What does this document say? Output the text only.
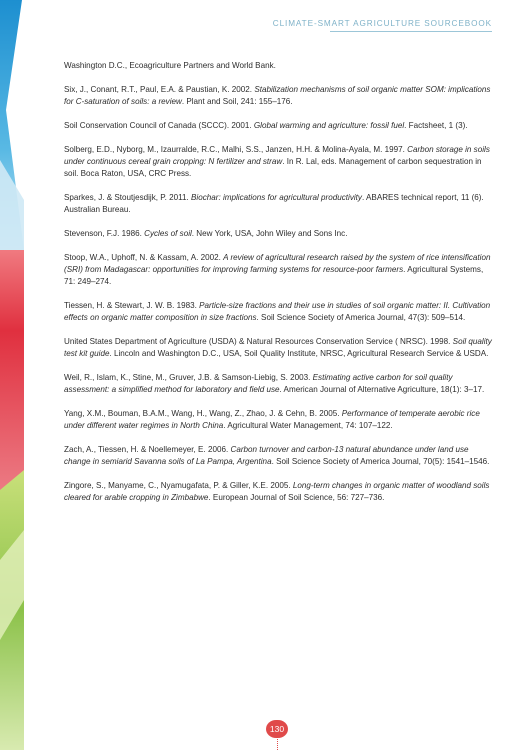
CLIMATE-SMART AGRICULTURE SOURCEBOOK

Washington D.C., Ecoagriculture Partners and World Bank.

Six, J., Conant, R.T., Paul, E.A. & Paustian, K. 2002. Stabilization mechanisms of soil organic matter SOM: implications for C-saturation of soils: a review. Plant and Soil, 241: 155–176.

Soil Conservation Council of Canada (SCCC). 2001. Global warming and agriculture: fossil fuel. Factsheet, 1 (3).

Solberg, E.D., Nyborg, M., Izaurralde, R.C., Malhi, S.S., Janzen, H.H. & Molina-Ayala, M. 1997. Carbon storage in soils under continuous cereal grain cropping: N fertilizer and straw. In R. Lal, eds. Management of carbon sequestration in soil. Boca Raton, USA, CRC Press.

Sparkes, J. & Stoutjesdijk, P. 2011. Biochar: implications for agricultural productivity. ABARES technical report, 11 (6). Australian Bureau.

Stevenson, F.J. 1986. Cycles of soil. New York, USA, John Wiley and Sons Inc.

Stoop, W.A., Uphoff, N. & Kassam, A. 2002. A review of agricultural research raised by the system of rice intensification (SRI) from Madagascar: opportunities for improving farming systems for resource-poor farmers. Agricultural Systems, 71: 249–274.

Tiessen, H. & Stewart, J. W. B. 1983. Particle-size fractions and their use in studies of soil organic matter: II. Cultivation effects on organic matter composition in size fractions. Soil Science Society of America Journal, 47(3): 509–514.

United States Department of Agriculture (USDA) & Natural Resources Conservation Service ( NRSC). 1998. Soil quality test kit guide. Lincoln and Washington D.C., USA, Soil Quality Institute, NRSC, Agricultural Research Service & USDA.

Weil, R., Islam, K., Stine, M., Gruver, J.B. & Samson-Liebig, S. 2003. Estimating active carbon for soil quality assessment: a simplified method for laboratory and field use. American Journal of Alternative Agriculture, 18(1): 3–17.

Yang, X.M., Bouman, B.A.M., Wang, H., Wang, Z., Zhao, J. & Cehn, B. 2005. Performance of temperate aerobic rice under different water regimes in North China. Agricultural Water Management, 74: 107–122.

Zach, A., Tiessen, H. & Noellemeyer, E. 2006. Carbon turnover and carbon-13 natural abundance under land use change in semiarid Savanna soils of La Pampa, Argentina. Soil Science Society of America Journal, 70(5): 1541–1546.

Zingore, S., Manyame, C., Nyamugafata, P. & Giller, K.E. 2005. Long-term changes in organic matter of woodland soils cleared for arable cropping in Zimbabwe. European Journal of Soil Science, 56: 727–736.

130
